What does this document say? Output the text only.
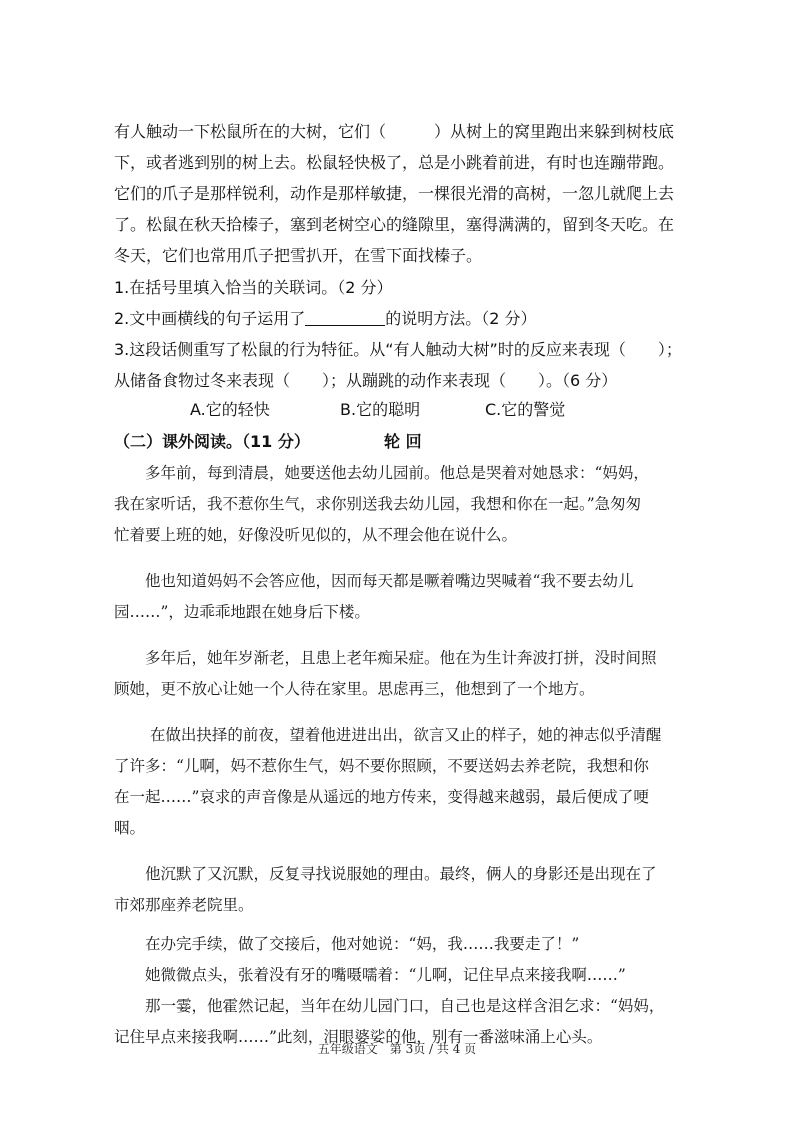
有人触动一下松鼠所在的大树，它们（　　　）从树上的窝里跑出来躲到树枝底
下，或者逃到别的树上去。松鼠轻快极了，总是小跳着前进，有时也连蹦带跑。
它们的爪子是那样锐利，动作是那样敏捷，一棵很光滑的高树，一忽儿就爬上去
了。松鼠在秋天拾榛子，塞到老树空心的缝隙里，塞得满满的，留到冬天吃。在
冬天，它们也常用爪子把雪扒开，在雪下面找榛子。
1.在括号里填入恰当的关联词。（2 分）
2.文中画横线的句子运用了	的说明方法。（2 分）
3.这段话侧重写了松鼠的行为特征。从“有人触动大树”时的反应来表现（　　）；
从储备食物过冬来表现（　　）；从蹦跳的动作来表现（　　）。（6 分）
A.它的轻快	B.它的聪明	C.它的警觉
（二）课外阅读。（11 分）	轮 回
　　多年前，每到清晨，她要送他去幼儿园前。他总是哭着对她恳求：“妈妈，
我在家听话，我不惹你生气，求你别送我去幼儿园，我想和你在一起。”急匆匆
忙着要上班的她，好像没听见似的，从不理会他在说什么。
　　他也知道妈妈不会答应他，因而每天都是噘着嘴边哭喊着“我不要去幼儿
园……”，边乖乖地跟在她身后下楼。
　　多年后，她年岁渐老，且患上老年痴呆症。他在为生计奔波打拼，没时间照
顾她，更不放心让她一个人待在家里。思虑再三，他想到了一个地方。
　　 在做出抉择的前夜，望着他进进出出，欲言又止的样子，她的神志似乎清醒
了许多：“儿啊，妈不惹你生气，妈不要你照顾，不要送妈去养老院，我想和你
在一起……”哀求的声音像是从遥远的地方传来，变得越来越弱，最后便成了哽
咽。
　　他沉默了又沉默，反复寻找说服她的理由。最终，俩人的身影还是出现在了
市郊那座养老院里。
　　在办完手续，做了交接后，他对她说：“妈，我……我要走了！”
　　她微微点头，张着没有牙的嘴嗫嚅着：“儿啊，记住早点来接我啊……”
　　那一霎，他霍然记起，当年在幼儿园门口，自己也是这样含泪乞求：“妈妈，
记住早点来接我啊……”此刻，泪眼婆娑的他，别有一番滋味涌上心头。
五年级语文　第 3页 / 共 4 页
